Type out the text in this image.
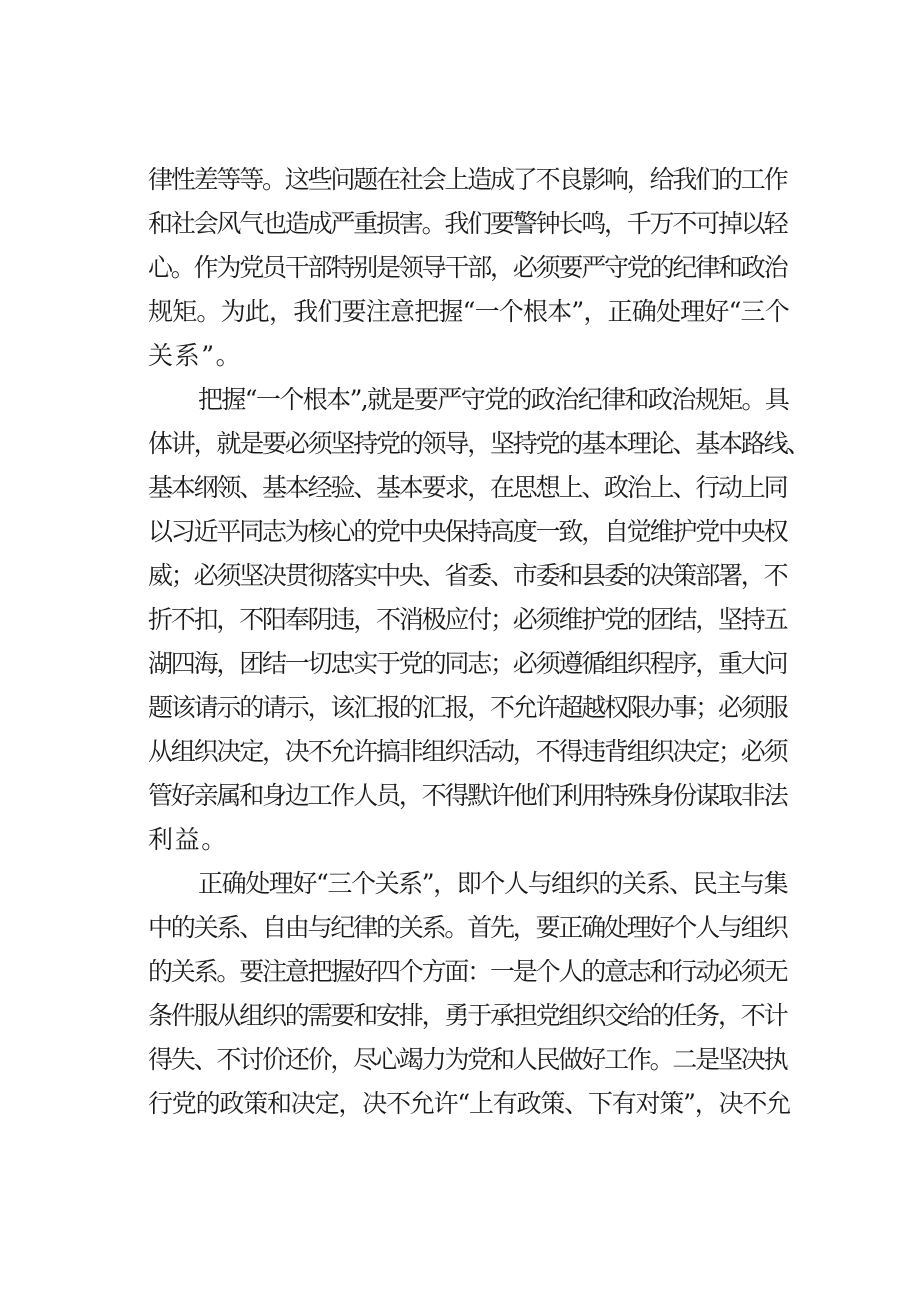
律性差等等。这些问题在社会上造成了不良影响，给我们的工作
和社会风气也造成严重损害。我们要警钟长鸣，千万不可掉以轻
心。作为党员干部特别是领导干部，必须要严守党的纪律和政治
规矩。为此，我们要注意把握“一个根本”，正确处理好“三个
关系”。
把握“一个根本”,就是要严守党的政治纪律和政治规矩。具
体讲，就是要必须坚持党的领导，坚持党的基本理论、基本路线、
基本纲领、基本经验、基本要求，在思想上、政治上、行动上同
以习近平同志为核心的党中央保持高度一致，自觉维护党中央权
威；必须坚决贯彻落实中央、省委、市委和县委的决策部署，不
折不扣，不阳奉阴违，不消极应付；必须维护党的团结，坚持五
湖四海，团结一切忠实于党的同志；必须遵循组织程序，重大问
题该请示的请示，该汇报的汇报，不允许超越权限办事；必须服
从组织决定，决不允许搞非组织活动，不得违背组织决定；必须
管好亲属和身边工作人员，不得默许他们利用特殊身份谋取非法
利益。
正确处理好“三个关系”，即个人与组织的关系、民主与集
中的关系、自由与纪律的关系。首先，要正确处理好个人与组织
的关系。要注意把握好四个方面：一是个人的意志和行动必须无
条件服从组织的需要和安排，勇于承担党组织交给的任务，不计
得失、不讨价还价，尽心竭力为党和人民做好工作。二是坚决执
行党的政策和决定，决不允许“上有政策、下有对策”，决不允
